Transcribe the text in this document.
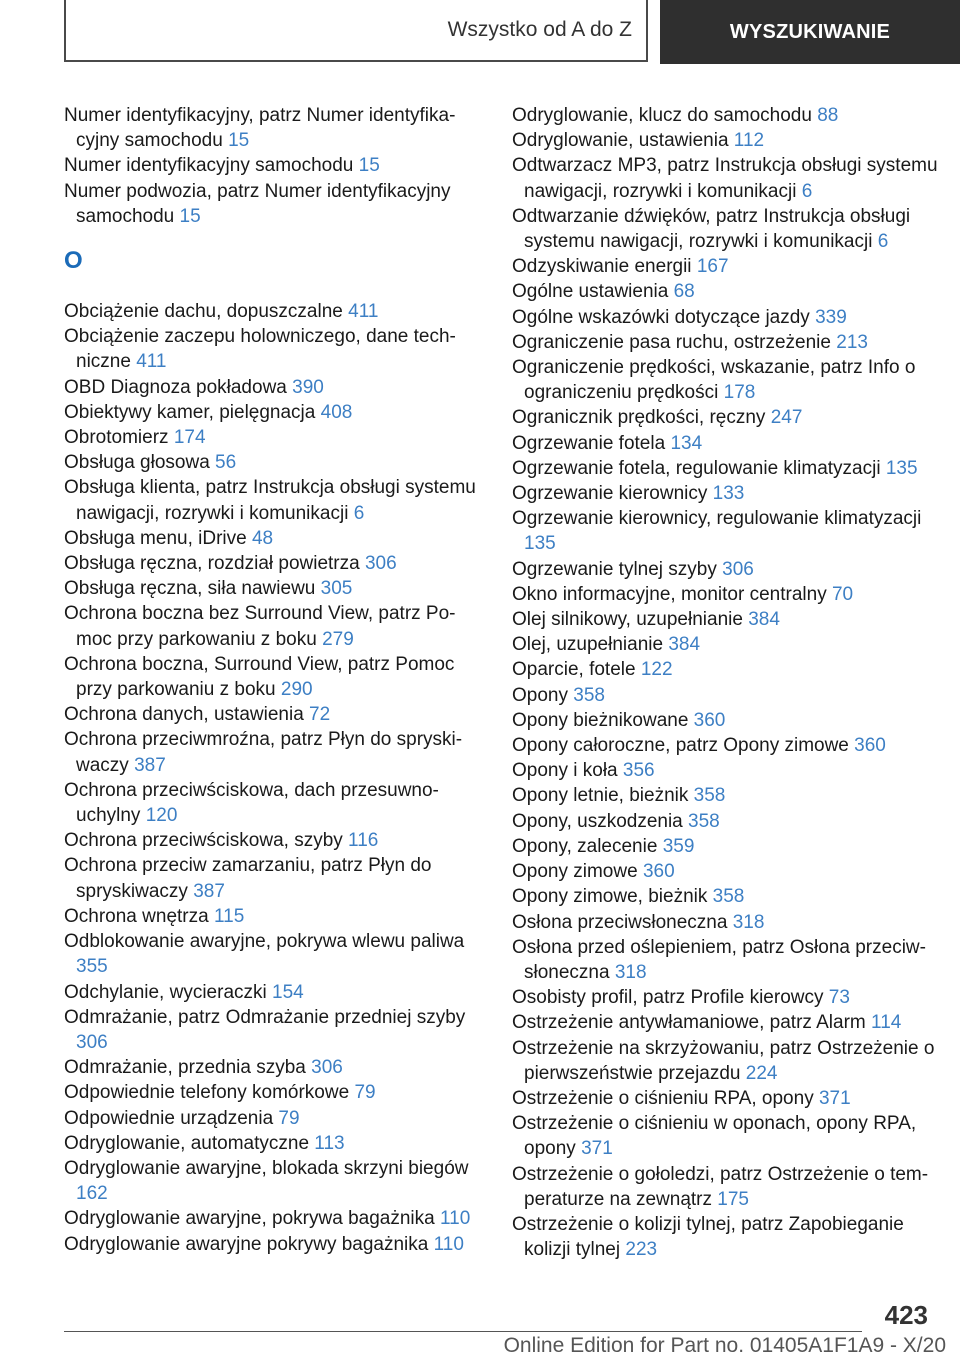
Wszystko od A do Z	WYSZUKIWANIE
Numer identyfikacyjny, patrz Numer identyfikacyjny samochodu 15
Numer identyfikacyjny samochodu 15
Numer podwozia, patrz Numer identyfikacyjny samochodu 15
O
Obciążenie dachu, dopuszczalne 411
Obciążenie zaczepu holowniczego, dane techniczne 411
OBD Diagnoza pokładowa 390
Obiektywy kamer, pielęgnacja 408
Obrotomierz 174
Obsługa głosowa 56
Obsługa klienta, patrz Instrukcja obsługi systemu nawigacji, rozrywki i komunikacji 6
Obsługa menu, iDrive 48
Obsługa ręczna, rozdział powietrza 306
Obsługa ręczna, siła nawiewu 305
Ochrona boczna bez Surround View, patrz Pomoc przy parkowaniu z boku 279
Ochrona boczna, Surround View, patrz Pomoc przy parkowaniu z boku 290
Ochrona danych, ustawienia 72
Ochrona przeciwmroźna, patrz Płyn do spryskiwaczy 387
Ochrona przeciwściskowa, dach przesuwno-uchylny 120
Ochrona przeciwściskowa, szyby 116
Ochrona przeciw zamarzaniu, patrz Płyn do spryskiwaczy 387
Ochrona wnętrza 115
Odblokowanie awaryjne, pokrywa wlewu paliwa 355
Odchylanie, wycieraczki 154
Odmrażanie, patrz Odmrażanie przedniej szyby 306
Odmrażanie, przednia szyba 306
Odpowiednie telefony komórkowe 79
Odpowiednie urządzenia 79
Odryglowanie, automatyczne 113
Odryglowanie awaryjne, blokada skrzyni biegów 162
Odryglowanie awaryjne, pokrywa bagażnika 110
Odryglowanie awaryjne pokrywy bagażnika 110
Odryglowanie, klucz do samochodu 88
Odryglowanie, ustawienia 112
Odtwarzacz MP3, patrz Instrukcja obsługi systemu nawigacji, rozrywki i komunikacji 6
Odtwarzanie dźwięków, patrz Instrukcja obsługi systemu nawigacji, rozrywki i komunikacji 6
Odzyskiwanie energii 167
Ogólne ustawienia 68
Ogólne wskazówki dotyczące jazdy 339
Ograniczenie pasa ruchu, ostrzeżenie 213
Ograniczenie prędkości, wskazanie, patrz Info o ograniczeniu prędkości 178
Ogranicznik prędkości, ręczny 247
Ogrzewanie fotela 134
Ogrzewanie fotela, regulowanie klimatyzacji 135
Ogrzewanie kierownicy 133
Ogrzewanie kierownicy, regulowanie klimatyzacji 135
Ogrzewanie tylnej szyby 306
Okno informacyjne, monitor centralny 70
Olej silnikowy, uzupełnianie 384
Olej, uzupełnianie 384
Oparcie, fotele 122
Opony 358
Opony bieżnikowane 360
Opony całoroczne, patrz Opony zimowe 360
Opony i koła 356
Opony letnie, bieżnik 358
Opony, uszkodzenia 358
Opony, zalecenie 359
Opony zimowe 360
Opony zimowe, bieżnik 358
Osłona przeciwsłoneczna 318
Osłona przed oślepieniem, patrz Osłona przeciwsłoneczna 318
Osobisty profil, patrz Profile kierowcy 73
Ostrzeżenie antywłamaniowe, patrz Alarm 114
Ostrzeżenie na skrzyżowaniu, patrz Ostrzeżenie o pierwszeństwie przejazdu 224
Ostrzeżenie o ciśnieniu RPA, opony 371
Ostrzeżenie o ciśnieniu w oponach, opony RPA, opony 371
Ostrzeżenie o gołoledzi, patrz Ostrzeżenie o temperaturze na zewnątrz 175
Ostrzeżenie o kolizji tylnej, patrz Zapobieganie kolizji tylnej 223
423
Online Edition for Part no. 01405A1F1A9 - X/20
